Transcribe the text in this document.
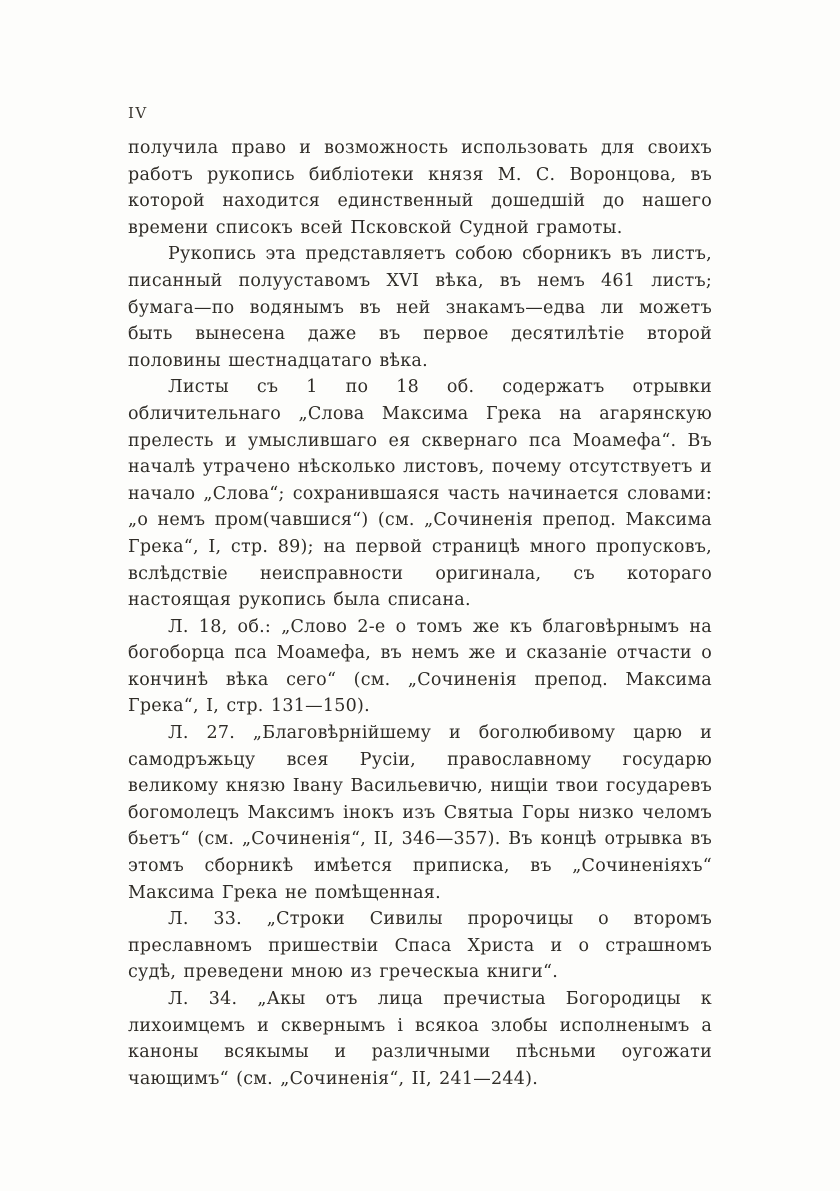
IV

получила право и возможность использовать для своихъ работъ рукопись библіотеки князя М. С. Воронцова, въ которой находится единственный дошедшій до нашего времени списокъ всей Псковской Судной грамоты.

Рукопись эта представляетъ собою сборникъ въ листъ, писанный полууставомъ XVI вѣка, въ немъ 461 листъ; бумага—по водянымъ въ ней знакамъ—едва ли можетъ быть вынесена даже въ первое десятилѣтіе второй половины шестнадцатаго вѣка.

Листы съ 1 по 18 об. содержатъ отрывки обличительнаго „Слова Максима Грека на агарянскую прелесть и умыслившаго ея сквернаго пса Моамефа“. Въ началѣ утрачено нѣсколько листовъ, почему отсутствуетъ и начало „Слова“; сохранившаяся часть начинается словами: „о немъ пром(чавшися“) (см. „Сочиненія препод. Максима Грека“, I, стр. 89); на первой страницѣ много пропусковъ, вслѣдствіе неисправности оригинала, съ котораго настоящая рукопись была списана.

Л. 18, об.: „Слово 2-е о томъ же къ благовѣрнымъ на богоборца пса Моамефа, въ немъ же и сказаніе отчасти о кончинѣ вѣка сего“ (см. „Сочиненія препод. Максима Грека“, I, стр. 131—150).

Л. 27. „Благовѣрнійшему и боголюбивому царю и самодръжьцу всея Русіи, православному государю великому князю Івану Васильевичю, нищіи твои государевъ богомолецъ Максимъ інокъ изъ Святыа Горы низко челомъ бьетъ“ (см. „Сочиненія“, II, 346—357). Въ концѣ отрывка въ этомъ сборникѣ имѣется приписка, въ „Сочиненіяхъ“ Максима Грека не помѣщенная.

Л. 33. „Строки Сивилы пророчицы о второмъ преславномъ пришествіи Спаса Христа и о страшномъ судѣ, преведени мною из греческыа книги“.

Л. 34. „Акы отъ лица пречистыа Богородицы к лихоимцемъ и сквернымъ і всякоа злобы исполненымъ а каноны всякымы и различными пѣсньми оугожати чающимъ“ (см. „Сочиненія“, II, 241—244).
